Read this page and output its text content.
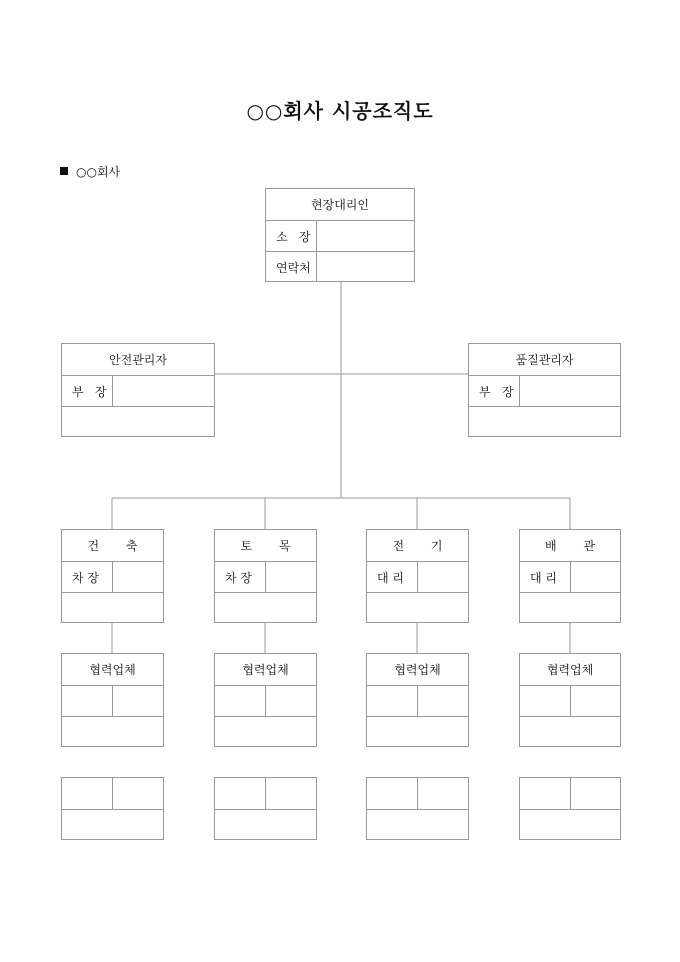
○○회사 시공조직도
○○회사
현장대리인
소   장
연락처
안전관리자
부   장
품질관리자
부   장
건       축
차 장
토       목
차 장
전       기
대 리
배       관
대 리
협력업체	협력업체	협력업체	협력업체
